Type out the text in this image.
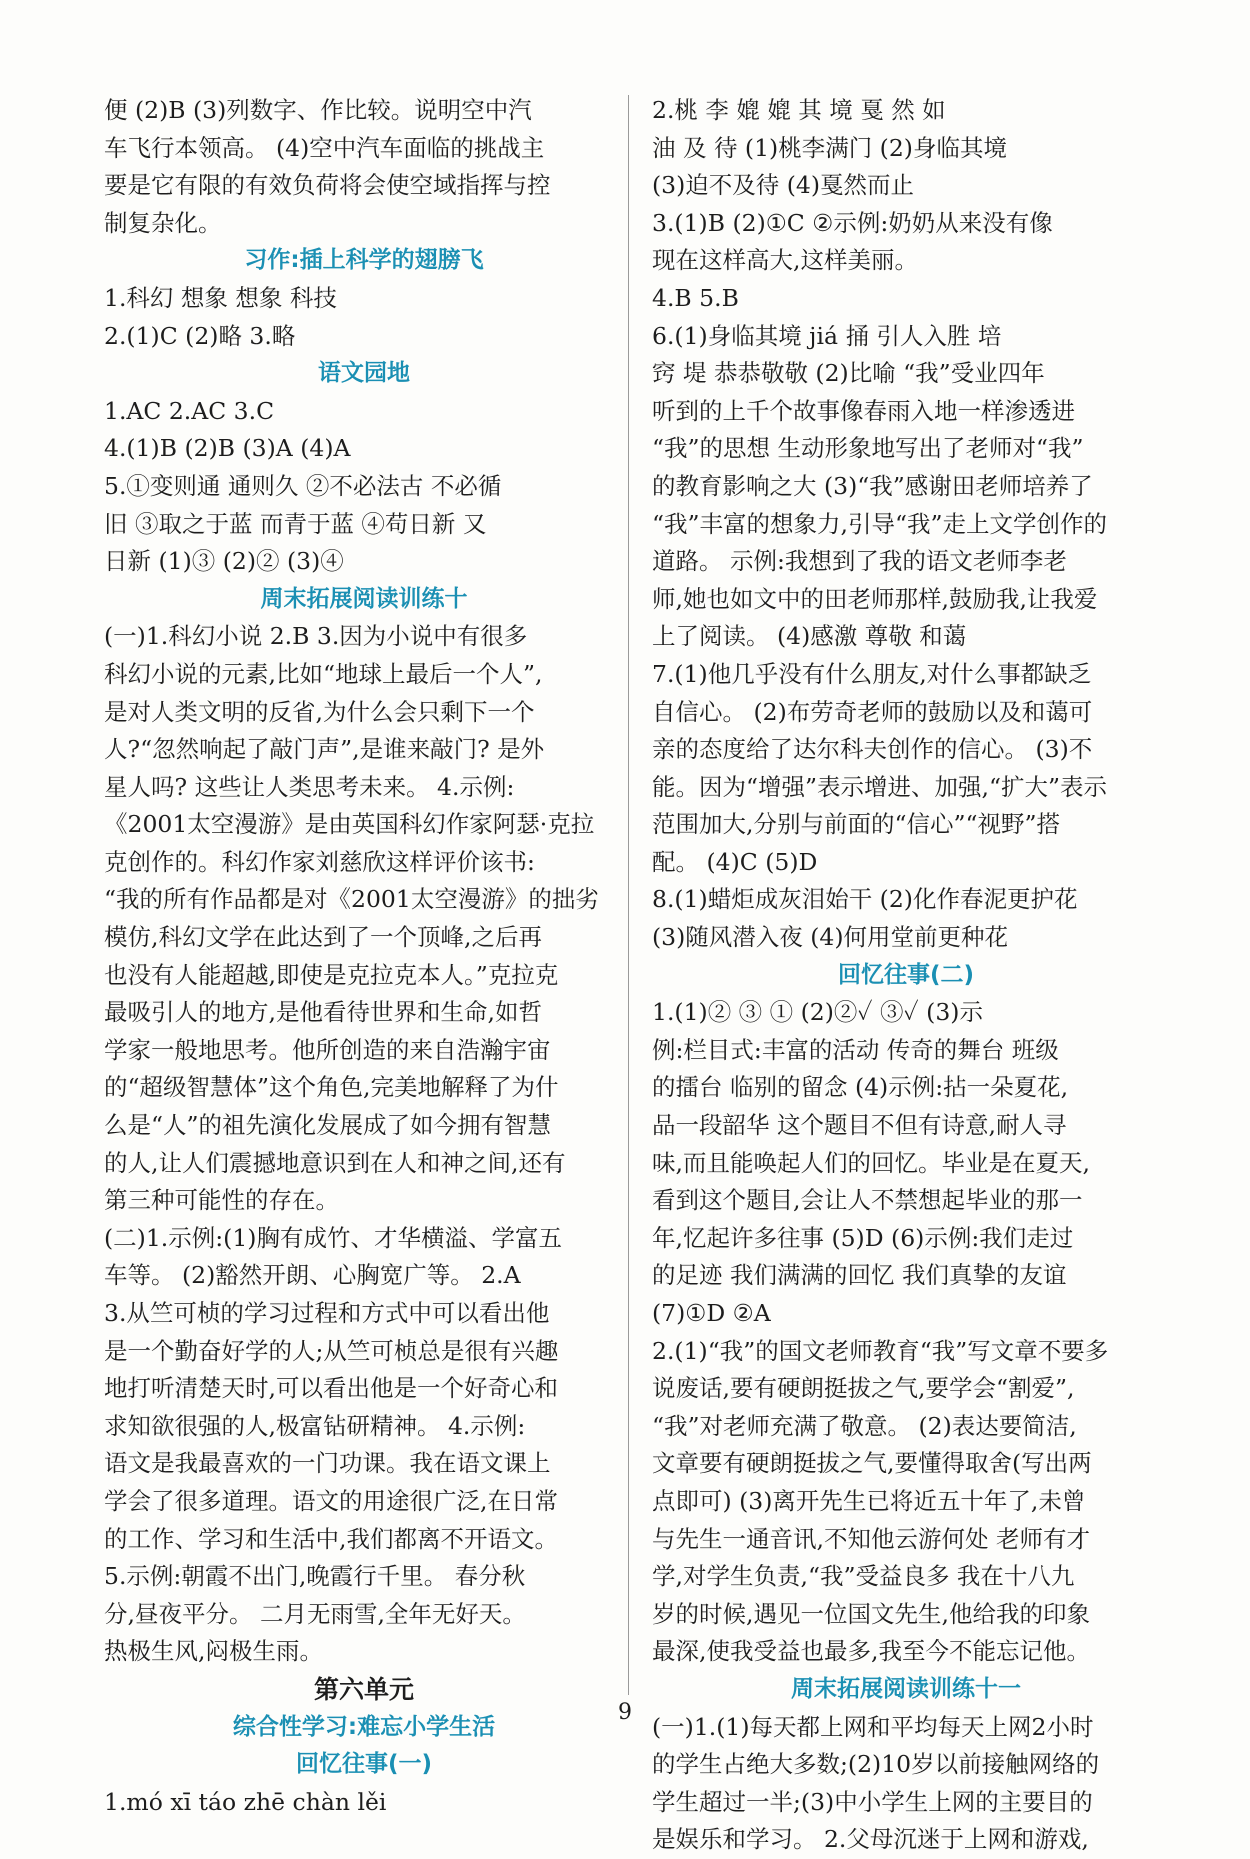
便 (2)B (3)列数字、作比较。说明空中汽
车飞行本领高。 (4)空中汽车面临的挑战主
要是它有限的有效负荷将会使空域指挥与控
制复杂化。
习作:插上科学的翅膀飞
1.科幻 想象 想象 科技
2.(1)C (2)略 3.略
语文园地
1.AC 2.AC 3.C
4.(1)B (2)B (3)A (4)A
5.①变则通 通则久 ②不必法古 不必循
旧 ③取之于蓝 而青于蓝 ④苟日新 又
日新 (1)③ (2)② (3)④
周末拓展阅读训练十
(一)1.科幻小说 2.B 3.因为小说中有很多
科幻小说的元素,比如“地球上最后一个人”,
是对人类文明的反省,为什么会只剩下一个
人?“忽然响起了敲门声”,是谁来敲门? 是外
星人吗? 这些让人类思考未来。 4.示例:
《2001太空漫游》是由英国科幻作家阿瑟·克拉
克创作的。科幻作家刘慈欣这样评价该书:
“我的所有作品都是对《2001太空漫游》的拙劣
模仿,科幻文学在此达到了一个顶峰,之后再
也没有人能超越,即使是克拉克本人。”克拉克
最吸引人的地方,是他看待世界和生命,如哲
学家一般地思考。他所创造的来自浩瀚宇宙
的“超级智慧体”这个角色,完美地解释了为什
么是“人”的祖先演化发展成了如今拥有智慧
的人,让人们震撼地意识到在人和神之间,还有
第三种可能性的存在。
(二)1.示例:(1)胸有成竹、才华横溢、学富五
车等。 (2)豁然开朗、心胸宽广等。 2.A
3.从竺可桢的学习过程和方式中可以看出他
是一个勤奋好学的人;从竺可桢总是很有兴趣
地打听清楚天时,可以看出他是一个好奇心和
求知欲很强的人,极富钻研精神。 4.示例:
语文是我最喜欢的一门功课。我在语文课上
学会了很多道理。语文的用途很广泛,在日常
的工作、学习和生活中,我们都离不开语文。
5.示例:朝霞不出门,晚霞行千里。 春分秋
分,昼夜平分。 二月无雨雪,全年无好天。
热极生风,闷极生雨。
第六单元
综合性学习:难忘小学生活
回忆往事(一)
1.mó xī táo zhē chàn lěi
2.桃 李 媲 媲 其 境 戛 然 如
油 及 待 (1)桃李满门 (2)身临其境
(3)迫不及待 (4)戛然而止
3.(1)B (2)①C ②示例:奶奶从来没有像
现在这样高大,这样美丽。
4.B 5.B
6.(1)身临其境 jiá 捅 引人入胜 培
窍 堤 恭恭敬敬 (2)比喻 “我”受业四年
听到的上千个故事像春雨入地一样渗透进
“我”的思想 生动形象地写出了老师对“我”
的教育影响之大 (3)“我”感谢田老师培养了
“我”丰富的想象力,引导“我”走上文学创作的
道路。 示例:我想到了我的语文老师李老
师,她也如文中的田老师那样,鼓励我,让我爱
上了阅读。 (4)感激 尊敬 和蔼
7.(1)他几乎没有什么朋友,对什么事都缺乏
自信心。 (2)布劳奇老师的鼓励以及和蔼可
亲的态度给了达尔科夫创作的信心。 (3)不
能。因为“增强”表示增进、加强,“扩大”表示
范围加大,分别与前面的“信心”“视野”搭
配。 (4)C (5)D
8.(1)蜡炬成灰泪始干 (2)化作春泥更护花
(3)随风潜入夜 (4)何用堂前更种花
回忆往事(二)
1.(1)② ③ ① (2)②✓ ③✓ (3)示
例:栏目式:丰富的活动 传奇的舞台 班级
的擂台 临别的留念 (4)示例:拈一朵夏花,
品一段韶华 这个题目不但有诗意,耐人寻
味,而且能唤起人们的回忆。毕业是在夏天,
看到这个题目,会让人不禁想起毕业的那一
年,忆起许多往事 (5)D (6)示例:我们走过
的足迹 我们满满的回忆 我们真挚的友谊
(7)①D ②A
2.(1)“我”的国文老师教育“我”写文章不要多
说废话,要有硬朗挺拔之气,要学会“割爱”,
“我”对老师充满了敬意。 (2)表达要简洁,
文章要有硬朗挺拔之气,要懂得取舍(写出两
点即可) (3)离开先生已将近五十年了,未曾
与先生一通音讯,不知他云游何处 老师有才
学,对学生负责,“我”受益良多 我在十八九
岁的时候,遇见一位国文先生,他给我的印象
最深,使我受益也最多,我至今不能忘记他。
周末拓展阅读训练十一
(一)1.(1)每天都上网和平均每天上网2小时
的学生占绝大多数;(2)10岁以前接触网络的
学生超过一半;(3)中小学生上网的主要目的
是娱乐和学习。 2.父母沉迷于上网和游戏,
9
